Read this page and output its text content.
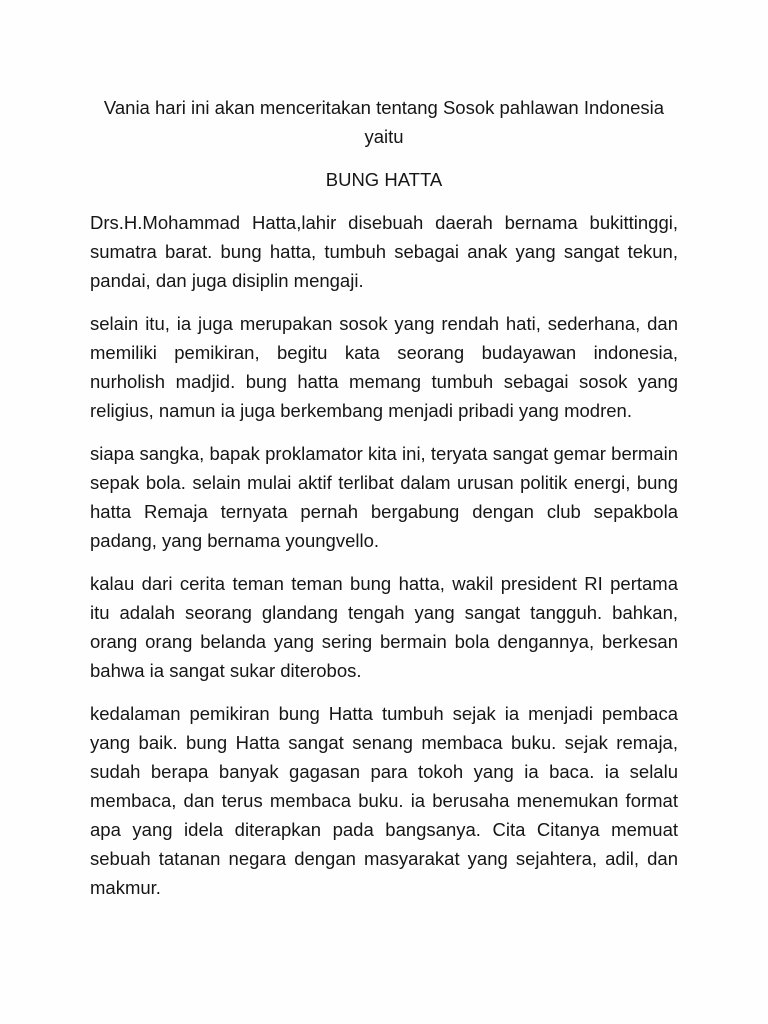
Vania hari ini akan menceritakan tentang Sosok pahlawan Indonesia yaitu

BUNG HATTA

Drs.H.Mohammad Hatta,lahir disebuah daerah bernama bukittinggi, sumatra barat. bung hatta, tumbuh sebagai anak yang sangat tekun, pandai, dan juga disiplin mengaji.

selain itu, ia juga merupakan sosok yang rendah hati, sederhana, dan memiliki pemikiran, begitu kata seorang budayawan indonesia, nurholish madjid. bung hatta memang tumbuh sebagai sosok yang religius, namun ia juga berkembang menjadi pribadi yang modren.

siapa sangka, bapak proklamator kita ini, teryata sangat gemar bermain sepak bola. selain mulai aktif terlibat dalam urusan politik energi, bung hatta Remaja ternyata pernah bergabung dengan club sepakbola padang, yang bernama youngvello.

kalau dari cerita teman teman bung hatta, wakil president RI pertama itu adalah seorang glandang tengah yang sangat tangguh. bahkan, orang orang belanda yang sering bermain bola dengannya, berkesan bahwa ia sangat sukar diterobos.

kedalaman pemikiran bung Hatta tumbuh sejak ia menjadi pembaca yang baik. bung Hatta sangat senang membaca buku. sejak remaja, sudah berapa banyak gagasan para tokoh yang ia baca. ia selalu membaca, dan terus membaca buku. ia berusaha menemukan format apa yang idela diterapkan pada bangsanya. Cita Citanya memuat sebuah tatanan negara dengan masyarakat yang sejahtera, adil, dan makmur.
